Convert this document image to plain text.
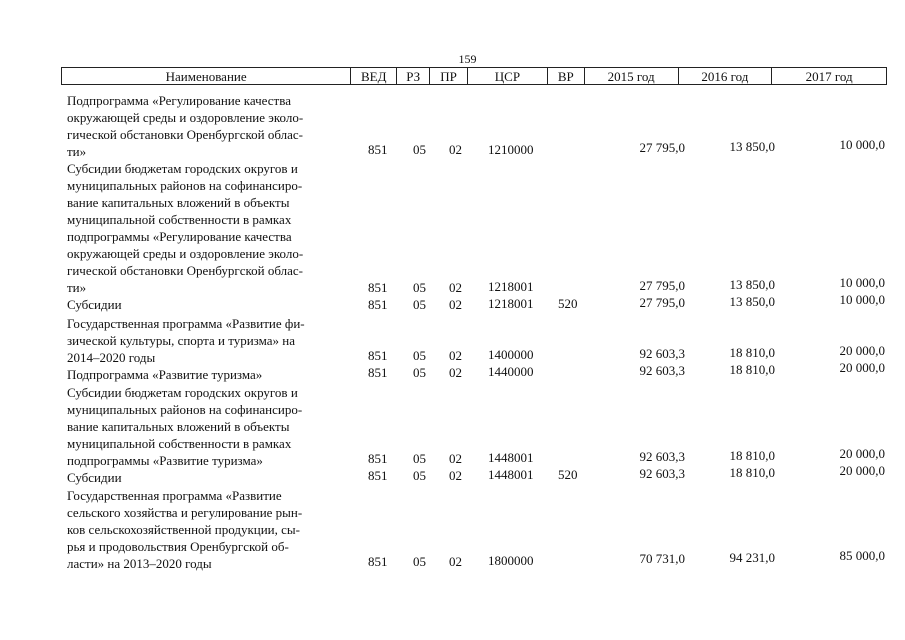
159
Наименование	ВЕД	РЗ	ПР	ЦСР	ВР	2015 год	2016 год	2017 год
Подпрограмма «Регулирование качества
окружающей среды и оздоровление эколо-
гической обстановки Оренбургской облас-
ти»	851 05 02 1210000	27 795,0	13 850,0	10 000,0
Субсидии бюджетам городских округов и
муниципальных районов на софинансиро-
вание капитальных вложений в объекты
муниципальной собственности в рамках
подпрограммы «Регулирование качества
окружающей среды и оздоровление эколо-
гической обстановки Оренбургской облас-
ти»	851 05 02 1218001	27 795,0	13 850,0	10 000,0
Субсидии	851 05 02 1218001 520	27 795,0	13 850,0	10 000,0
Государственная программа «Развитие фи-
зической культуры, спорта и туризма» на
2014–2020 годы	851 05 02 1400000	92 603,3	18 810,0	20 000,0
Подпрограмма «Развитие туризма»	851 05 02 1440000	92 603,3	18 810,0	20 000,0
Субсидии бюджетам городских округов и
муниципальных районов на софинансиро-
вание капитальных вложений в объекты
муниципальной собственности в рамках
подпрограммы «Развитие туризма»	851 05 02 1448001	92 603,3	18 810,0	20 000,0
Субсидии	851 05 02 1448001 520	92 603,3	18 810,0	20 000,0
Государственная программа «Развитие
сельского хозяйства и регулирование рын-
ков сельскохозяйственной продукции, сы-
рья и продовольствия Оренбургской об-
ласти» на 2013–2020 годы	851 05 02 1800000	70 731,0	94 231,0	85 000,0
